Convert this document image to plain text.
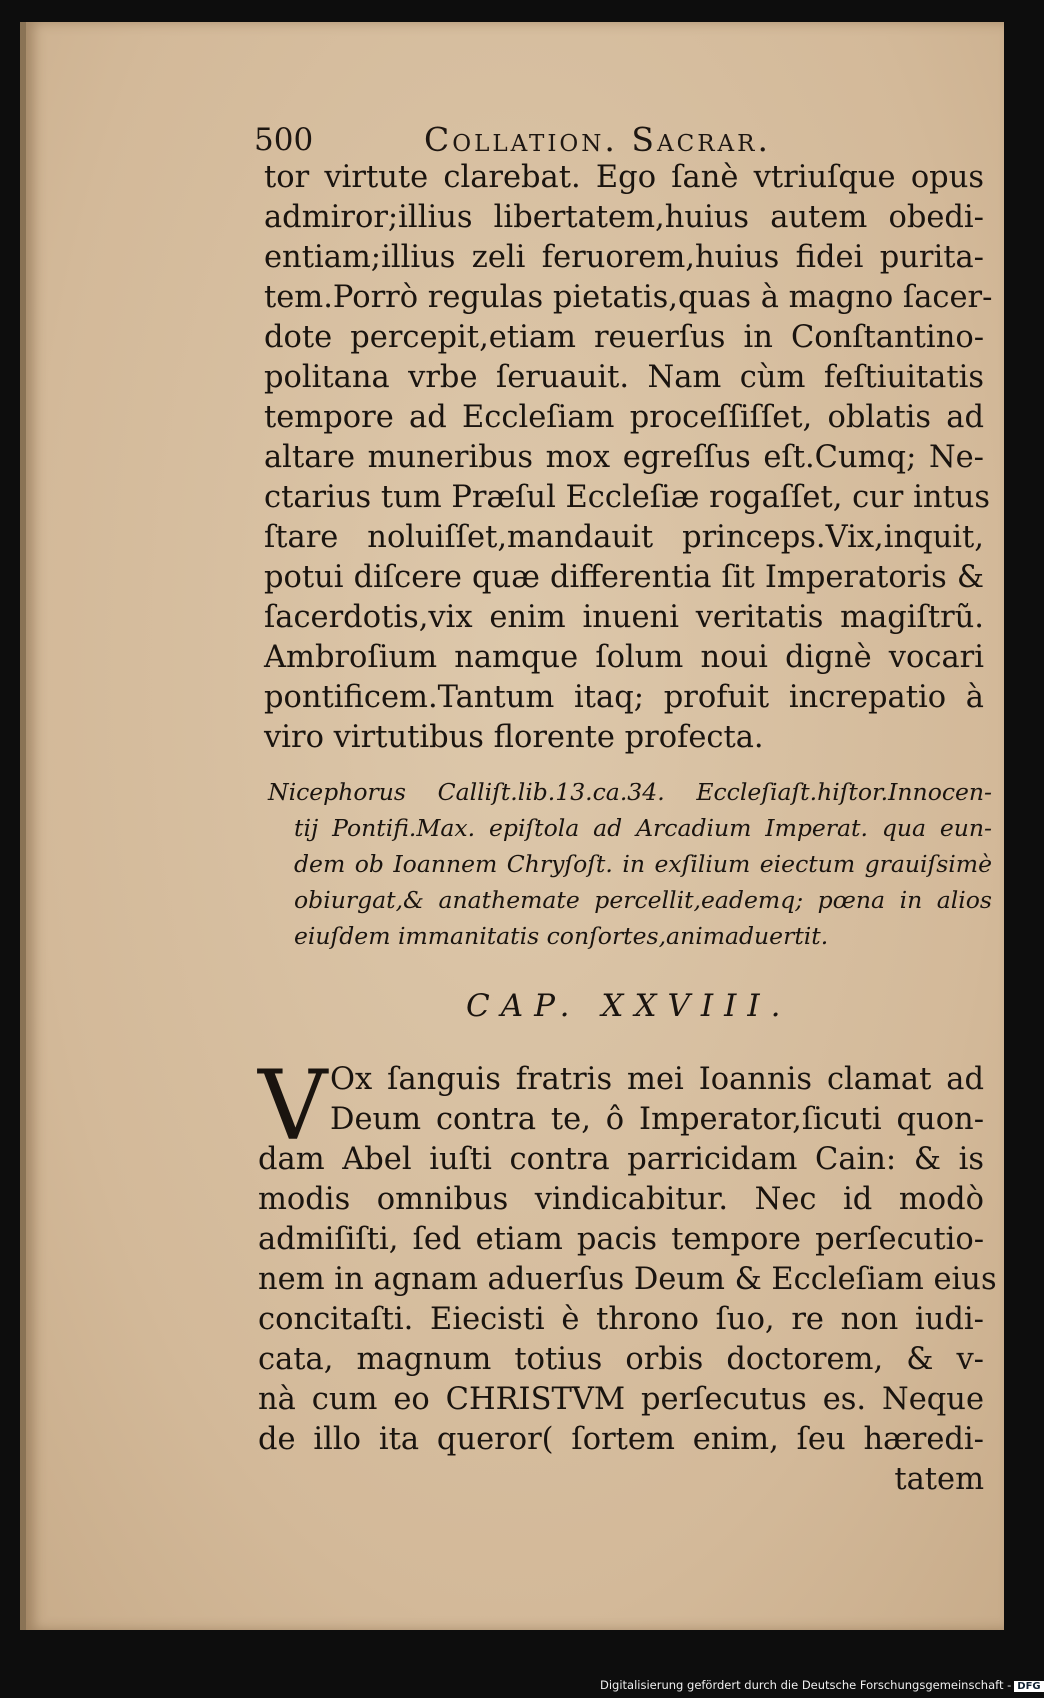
500	Collation. Sacrar.
tor virtute clarebat. Ego ſanè vtriuſque opus
admiror;illius libertatem,huius autem obedi-
entiam;illius zeli feruorem,huius fidei purita-
tem.Porrò regulas pietatis,quas à magno ſacer-
dote percepit,etiam reuerſus in Conſtantino-
politana vrbe ſeruauit. Nam cùm feſtiuitatis
tempore ad Eccleſiam proceſſiſſet, oblatis ad
altare muneribus mox egreſſus eſt.Cumq; Ne-
ctarius tum Præſul Eccleſiæ rogaſſet, cur intus
ſtare noluiſſet,mandauit princeps.Vix,inquit,
potui diſcere quæ differentia ſit Imperatoris &
ſacerdotis,vix enim inueni veritatis magiſtrũ.
Ambroſium namque ſolum noui dignè vocari
pontificem.Tantum itaq; profuit increpatio à
viro virtutibus florente profecta.
Nicephorus Calliſt.lib.13.ca.34. Eccleſiaſt.hiſtor.Innocen-
tij Pontifi.Max. epiſtola ad Arcadium Imperat. qua eun-
dem ob Ioannem Chryſoſt. in exſilium eiectum grauiſsimè
obiurgat,& anathemate percellit,eademq; pœna in alios
eiuſdem immanitatis conſortes,animaduertit.
CAP. XXVIII.
V Ox ſanguis fratris mei Ioannis clamat ad
Deum contra te, ô Imperator,ſicuti quon-
dam Abel iuſti contra parricidam Cain: & is
modis omnibus vindicabitur. Nec id modò
admiſiſti, ſed etiam pacis tempore perſecutio-
nem in agnam aduerſus Deum & Eccleſiam eius
concitaſti. Eiecisti è throno ſuo, re non iudi-
cata, magnum totius orbis doctorem, & v-
nà cum eo CHRISTVM perſecutus es. Neque
de illo ita queror( ſortem enim, ſeu hæredi-
tatem
Digitalisierung gefördert durch die Deutsche Forschungsgemeinschaft - DFG
